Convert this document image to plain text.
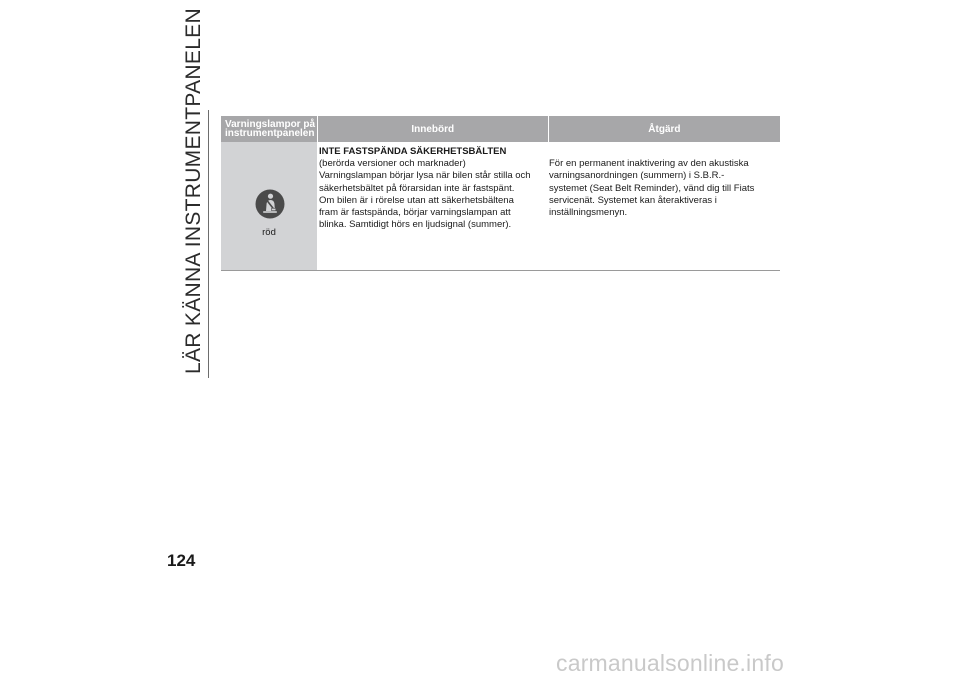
LÄR KÄNNA INSTRUMENTPANELEN Varningslampor på
instrumentpanelen	Innebörd	Åtgärd
röd
INTE FASTSPÄNDA SÄKERHETSBÄLTEN
(berörda versioner och marknader)
Varningslampan börjar lysa när bilen står stilla och
säkerhetsbältet på förarsidan inte är fastspänt.
Om bilen är i rörelse utan att säkerhetsbältena
fram är fastspända, börjar varningslampan att
blinka. Samtidigt hörs en ljudsignal (summer).

För en permanent inaktivering av den akustiska
varningsanordningen (summern) i S.B.R.-
systemet (Seat Belt Reminder), vänd dig till Fiats
servicenät. Systemet kan återaktiveras i
inställningsmenyn.
124
carmanualsonline.info
